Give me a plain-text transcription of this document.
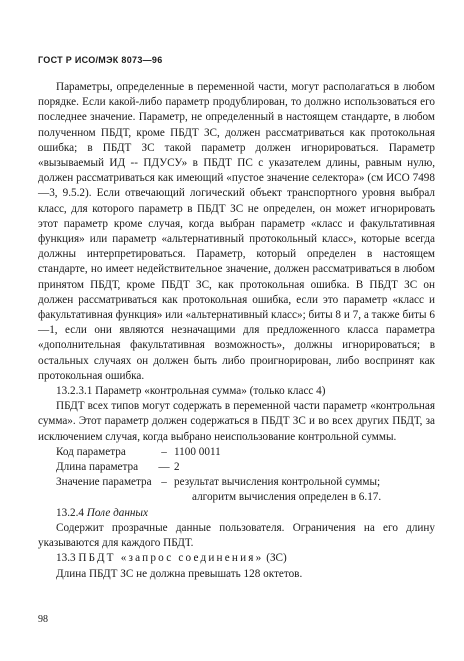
ГОСТ Р ИСО/МЭК 8073—96

Параметры, определенные в переменной части, могут располагаться в любом порядке. Если какой-либо параметр продублирован, то должно использоваться его последнее значение. Параметр, не определенный в настоящем стандарте, в любом полученном ПБДТ, кроме ПБДТ ЗС, должен рассматриваться как протокольная ошибка; в ПБДТ ЗС такой параметр должен игнорироваться. Параметр «вызываемый ИД -- ПДУСУ» в ПБДТ ПС с указателем длины, равным нулю, должен рассматриваться как имеющий «пустое значение селектора» (см ИСО 7498—3, 9.5.2). Если отвечающий логический объект транспортного уровня выбрал класс, для которого параметр в ПБДТ ЗС не определен, он может игнорировать этот параметр кроме случая, когда выбран параметр «класс и факультативная функция» или параметр «альтернативный протокольный класс», которые всегда должны интерпретироваться. Параметр, который определен в настоящем стандарте, но имеет недействительное значение, должен рассматриваться в любом принятом ПБДТ, кроме ПБДТ ЗС, как протокольная ошибка. В ПБДТ ЗС он должен рассматриваться как протокольная ошибка, если это параметр «класс и факультативная функция» или «альтернативный класс»; биты 8 и 7, а также биты 6—1, если они являются незначащими для предложенного класса параметра «дополнительная факультативная возможность», должны игнорироваться; в остальных случаях он должен быть либо проигнорирован, либо воспринят как протокольная ошибка.

13.2.3.1 Параметр «контрольная сумма» (только класс 4)

ПБДТ всех типов могут содержать в переменной части параметр «контрольная сумма». Этот параметр должен содержаться в ПБДТ ЗС и во всех других ПБДТ, за исключением случая, когда выбрано неиспользование контрольной суммы.

Код параметра	– 1100 0011
Длина параметра	— 2
Значение параметра – результат вычисления контрольной суммы;
алгоритм вычисления определен в 6.17.

13.2.4 Поле данных

Содержит прозрачные данные пользователя. Ограничения на его длину указываются для каждого ПБДТ.

13.3 ПБДТ «запрос соединения» (ЗС)

Длина ПБДТ ЗС не должна превышать 128 октетов.

98
